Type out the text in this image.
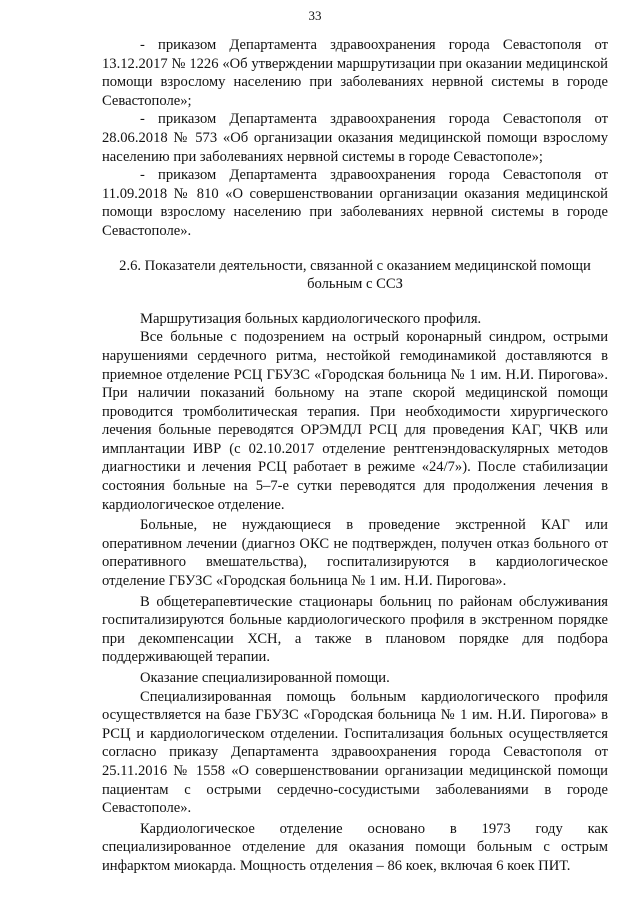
33

- приказом Департамента здравоохранения города Севастополя от 13.12.2017 № 1226 «Об утверждении маршрутизации при оказании медицинской помощи взрослому населению при заболеваниях нервной системы в городе Севастополе»;

- приказом Департамента здравоохранения города Севастополя от 28.06.2018 № 573 «Об организации оказания медицинской помощи взрослому населению при заболеваниях нервной системы в городе Севастополе»;

- приказом Департамента здравоохранения города Севастополя от 11.09.2018 № 810 «О совершенствовании организации оказания медицинской помощи взрослому населению при заболеваниях нервной системы в городе Севастополе».

2.6. Показатели деятельности, связанной с оказанием медицинской помощи больным с ССЗ

Маршрутизация больных кардиологического профиля.

Все больные с подозрением на острый коронарный синдром, острыми нарушениями сердечного ритма, нестойкой гемодинамикой доставляются в приемное отделение РСЦ ГБУЗС «Городская больница № 1 им. Н.И. Пирогова». При наличии показаний больному на этапе скорой медицинской помощи проводится тромболитическая терапия. При необходимости хирургического лечения больные переводятся ОРЭМДЛ РСЦ для проведения КАГ, ЧКВ или имплантации ИВР (с 02.10.2017 отделение рентгенэндоваскулярных методов диагностики и лечения РСЦ работает в режиме «24/7»). После стабилизации состояния больные на 5–7-е сутки переводятся для продолжения лечения в кардиологическое отделение.

Больные, не нуждающиеся в проведение экстренной КАГ или оперативном лечении (диагноз ОКС не подтвержден, получен отказ больного от оперативного вмешательства), госпитализируются в кардиологическое отделение ГБУЗС «Городская больница № 1 им. Н.И. Пирогова».

В общетерапевтические стационары больниц по районам обслуживания госпитализируются больные кардиологического профиля в экстренном порядке при декомпенсации ХСН, а также в плановом порядке для подбора поддерживающей терапии.

Оказание специализированной помощи.

Специализированная помощь больным кардиологического профиля осуществляется на базе ГБУЗС «Городская больница № 1 им. Н.И. Пирогова» в РСЦ и кардиологическом отделении. Госпитализация больных осуществляется согласно приказу Департамента здравоохранения города Севастополя от 25.11.2016 № 1558 «О совершенствовании организации медицинской помощи пациентам с острыми сердечно-сосудистыми заболеваниями в городе Севастополе».

Кардиологическое отделение основано в 1973 году как специализированное отделение для оказания помощи больным с острым инфарктом миокарда. Мощность отделения – 86 коек, включая 6 коек ПИТ.
